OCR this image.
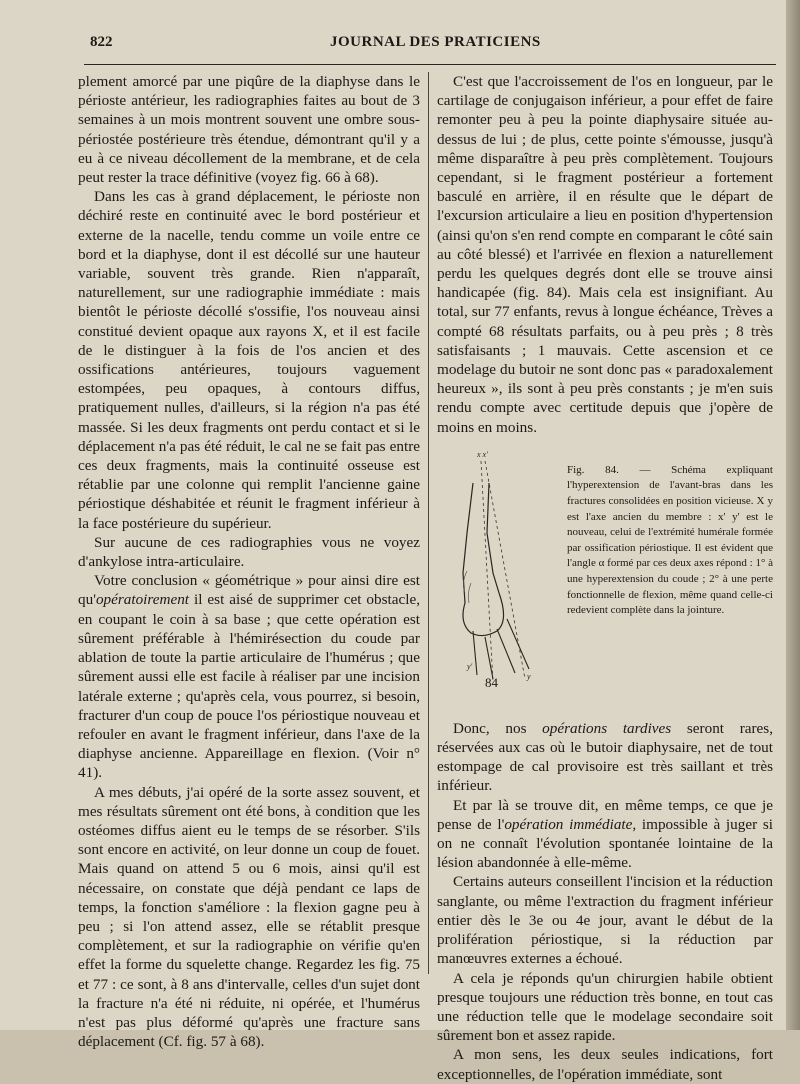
822	JOURNAL DES PRATICIENS

plement amorcé par une piqûre de la diaphyse dans le périoste antérieur, les radiographies faites au bout de 3 semaines à un mois montrent souvent une ombre sous-périostée postérieure très étendue, démontrant qu'il y a eu à ce niveau décollement de la membrane, et de cela peut rester la trace définitive (voyez fig. 66 à 68).

Dans les cas à grand déplacement, le périoste non déchiré reste en continuité avec le bord postérieur et externe de la nacelle, tendu comme un voile entre ce bord et la diaphyse, dont il est décollé sur une hauteur variable, souvent très grande. Rien n'apparaît, naturellement, sur une radiographie immédiate : mais bientôt le périoste décollé s'ossifie, l'os nouveau ainsi constitué devient opaque aux rayons X, et il est facile de le distinguer à la fois de l'os ancien et des ossifications antérieures, toujours vaguement estompées, peu opaques, à contours diffus, pratiquement nulles, d'ailleurs, si la région n'a pas été massée. Si les deux fragments ont perdu contact et si le déplacement n'a pas été réduit, le cal ne se fait pas entre ces deux fragments, mais la continuité osseuse est rétablie par une colonne qui remplit l'ancienne gaine périostique déshabitée et réunit le fragment inférieur à la face postérieure du supérieur.

Sur aucune de ces radiographies vous ne voyez d'ankylose intra-articulaire.

Votre conclusion « géométrique » pour ainsi dire est qu'opératoirement il est aisé de supprimer cet obstacle, en coupant le coin à sa base ; que cette opération est sûrement préférable à l'hémirésection du coude par ablation de toute la partie articulaire de l'humérus ; que sûrement aussi elle est facile à réaliser par une incision latérale externe ; qu'après cela, vous pourrez, si besoin, fracturer d'un coup de pouce l'os périostique nouveau et refouler en avant le fragment inférieur, dans l'axe de la diaphyse ancienne. Appareillage en flexion. (Voir n° 41).

A mes débuts, j'ai opéré de la sorte assez souvent, et mes résultats sûrement ont été bons, à condition que les ostéomes diffus aient eu le temps de se résorber. S'ils sont encore en activité, on leur donne un coup de fouet. Mais quand on attend 5 ou 6 mois, ainsi qu'il est nécessaire, on constate que déjà pendant ce laps de temps, la fonction s'améliore : la flexion gagne peu à peu ; si l'on attend assez, elle se rétablit presque complètement, et sur la radiographie on vérifie qu'en effet la forme du squelette change. Regardez les fig. 75 et 77 : ce sont, à 8 ans d'intervalle, celles d'un sujet dont la fracture n'a été ni réduite, ni opérée, et l'humérus n'est pas plus déformé qu'après une fracture sans déplacement (Cf. fig. 57 à 68).

C'est que l'accroissement de l'os en longueur, par le cartilage de conjugaison inférieur, a pour effet de faire remonter peu à peu la pointe diaphysaire située au-dessus de lui ; de plus, cette pointe s'émousse, jusqu'à même disparaître à peu près complètement. Toujours cependant, si le fragment postérieur a fortement basculé en arrière, il en résulte que le départ de l'excursion articulaire a lieu en position d'hypertension (ainsi qu'on s'en rend compte en comparant le côté sain au côté blessé) et l'arrivée en flexion a naturellement perdu les quelques degrés dont elle se trouve ainsi handicapée (fig. 84). Mais cela est insignifiant. Au total, sur 77 enfants, revus à longue échéance, Trèves a compté 68 résultats parfaits, ou à peu près ; 8 très satisfaisants ; 1 mauvais. Cette ascension et ce modelage du butoir ne sont donc pas « paradoxalement heureux », ils sont à peu près constants ; je m'en suis rendu compte avec certitude depuis que j'opère de moins en moins.

x x'
y'
y
Fig. 84. — Schéma expliquant l'hyperextension de l'avant-bras dans les fractures consolidées en position vicieuse. X y est l'axe ancien du membre : x' y' est le nouveau, celui de l'extrémité humérale formée par ossification périostique. Il est évident que l'angle α formé par ces deux axes répond : 1° à une hyperextension du coude ; 2° à une perte fonctionnelle de flexion, même quand celle-ci redevient complète dans la jointure.
84

Donc, nos opérations tardives seront rares, réservées aux cas où le butoir diaphysaire, net de tout estompage de cal provisoire est très saillant et très inférieur.

Et par là se trouve dit, en même temps, ce que je pense de l'opération immédiate, impossible à juger si on ne connaît l'évolution spontanée lointaine de la lésion abandonnée à elle-même.

Certains auteurs conseillent l'incision et la réduction sanglante, ou même l'extraction du fragment inférieur entier dès le 3e ou 4e jour, avant le début de la prolifération périostique, si la réduction par manœuvres externes a échoué.

A cela je réponds qu'un chirurgien habile obtient presque toujours une réduction très bonne, en tout cas une réduction telle que le modelage secondaire soit sûrement bon et assez rapide.

A mon sens, les deux seules indications, fort exceptionnelles, de l'opération immédiate, sont
